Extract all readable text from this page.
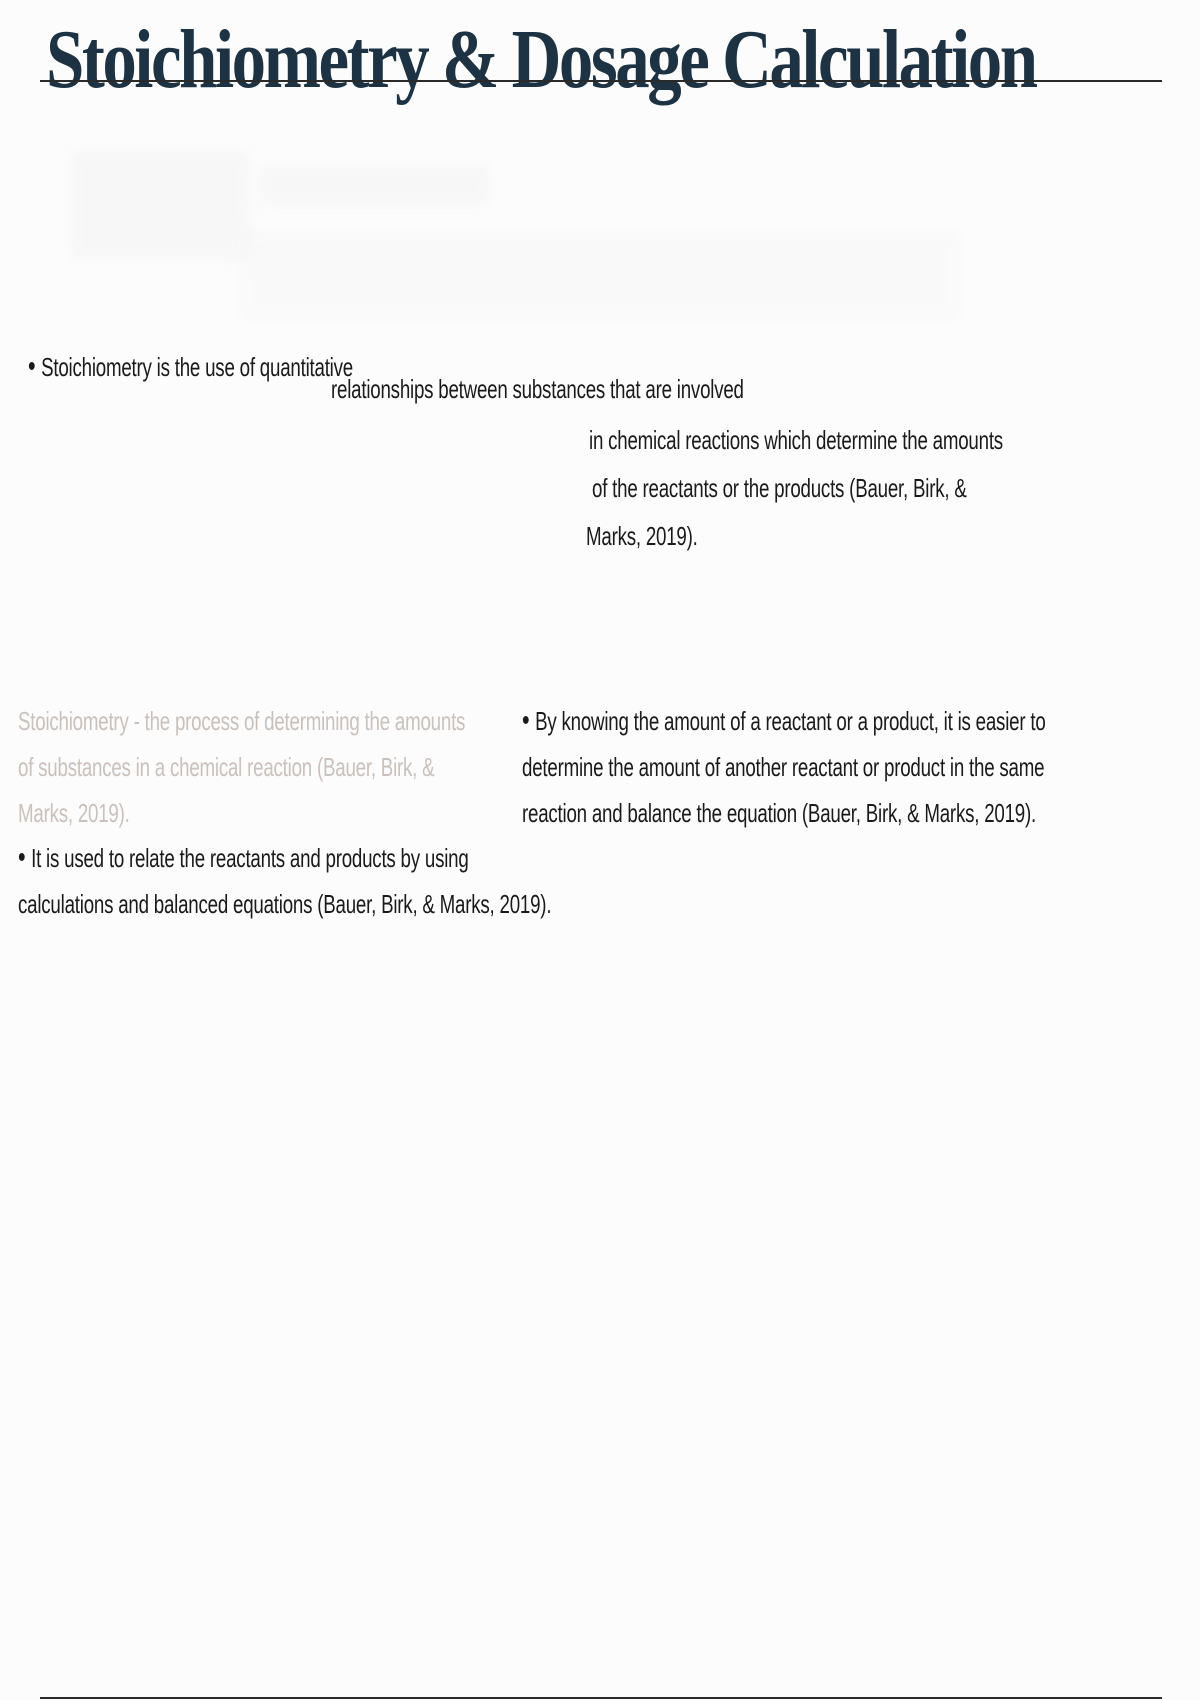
Stoichiometry & Dosage Calculation

• Stoichiometry is the use of quantitative

relationships between substances that are involved

in chemical reactions which determine the amounts

of the reactants or the products (Bauer, Birk, &

Marks, 2019).

Stoichiometry - the process of determining the amounts

of substances in a chemical reaction (Bauer, Birk, &

Marks, 2019).

• It is used to relate the reactants and products by using

calculations and balanced equations (Bauer, Birk, & Marks, 2019).

• By knowing the amount of a reactant or a product, it is easier to

determine the amount of another reactant or product in the same

reaction and balance the equation (Bauer, Birk, & Marks, 2019).
